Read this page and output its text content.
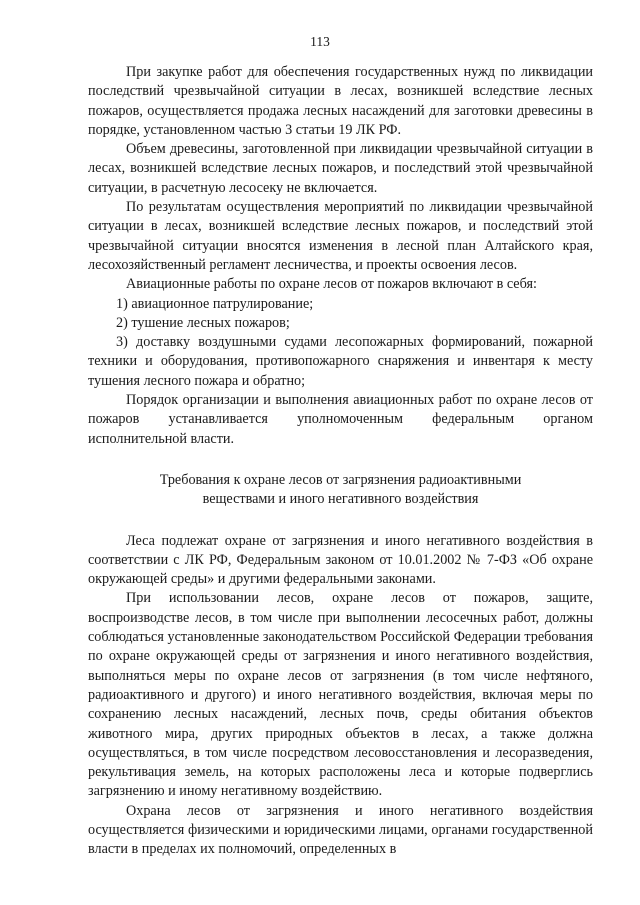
113

При закупке работ для обеспечения государственных нужд по ликвидации последствий чрезвычайной ситуации в лесах, возникшей вследствие лесных пожаров, осуществляется продажа лесных насаждений для заготовки древесины в порядке, установленном частью 3 статьи 19 ЛК РФ.

Объем древесины, заготовленной при ликвидации чрезвычайной ситуации в лесах, возникшей вследствие лесных пожаров, и последствий этой чрезвычайной ситуации, в расчетную лесосеку не включается.

По результатам осуществления мероприятий по ликвидации чрезвычайной ситуации в лесах, возникшей вследствие лесных пожаров, и последствий этой чрезвычайной ситуации вносятся изменения в лесной план Алтайского края, лесохозяйственный регламент лесничества, и проекты освоения лесов.

Авиационные работы по охране лесов от пожаров включают в себя:

1) авиационное патрулирование;

2) тушение лесных пожаров;

3) доставку воздушными судами лесопожарных формирований, пожарной техники и оборудования, противопожарного снаряжения и инвентаря к месту тушения лесного пожара и обратно;

Порядок организации и выполнения авиационных работ по охране лесов от пожаров устанавливается уполномоченным федеральным органом исполнительной власти.

Требования к охране лесов от загрязнения радиоактивными
веществами и иного негативного воздействия

Леса подлежат охране от загрязнения и иного негативного воздействия в соответствии с ЛК РФ, Федеральным законом от 10.01.2002 № 7-ФЗ «Об охране окружающей среды» и другими федеральными законами.

При использовании лесов, охране лесов от пожаров, защите, воспроизводстве лесов, в том числе при выполнении лесосечных работ, должны соблюдаться установленные законодательством Российской Федерации требования по охране окружающей среды от загрязнения и иного негативного воздействия, выполняться меры по охране лесов от загрязнения (в том числе нефтяного, радиоактивного и другого) и иного негативного воздействия, включая меры по сохранению лесных насаждений, лесных почв, среды обитания объектов животного мира, других природных объектов в лесах, а также должна осуществляться, в том числе посредством лесовосстановления и лесоразведения, рекультивация земель, на которых расположены леса и которые подверглись загрязнению и иному негативному воздействию.

Охрана лесов от загрязнения и иного негативного воздействия осуществляется физическими и юридическими лицами, органами государственной власти в пределах их полномочий, определенных в
